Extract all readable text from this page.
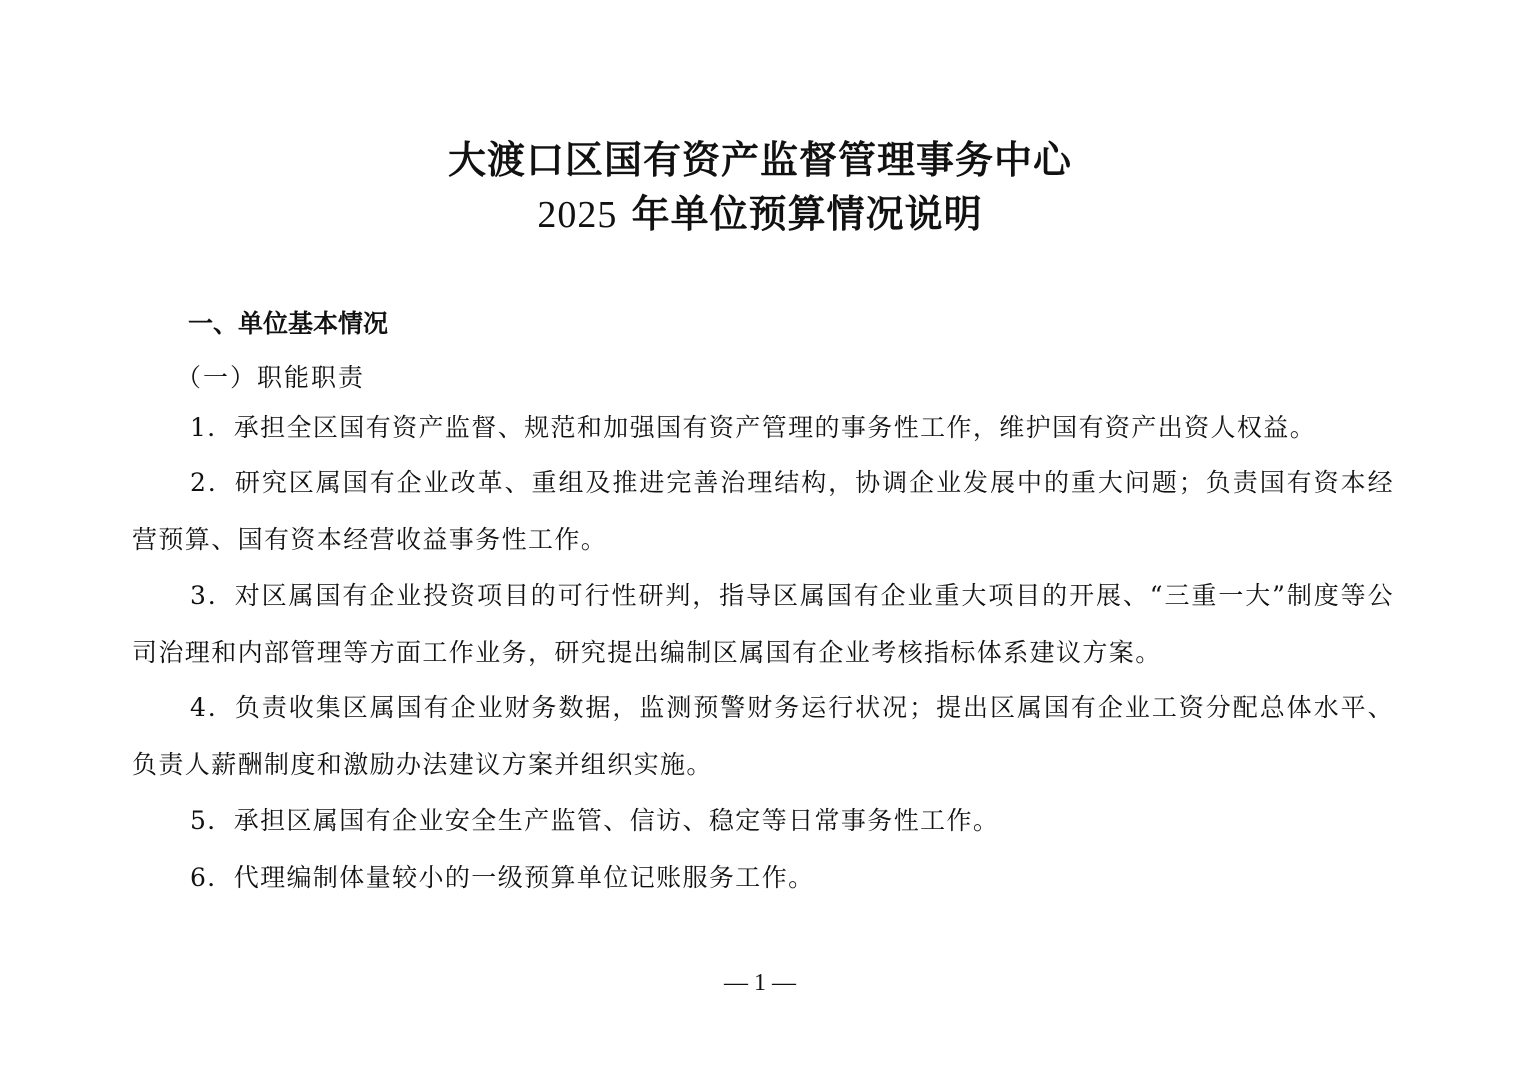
大渡口区国有资产监督管理事务中心
2025 年单位预算情况说明
一、单位基本情况
（一）职能职责
1．承担全区国有资产监督、规范和加强国有资产管理的事务性工作，维护国有资产出资人权益。
2．研究区属国有企业改革、重组及推进完善治理结构，协调企业发展中的重大问题；负责国有资本经营预算、国有资本经营收益事务性工作。
3．对区属国有企业投资项目的可行性研判，指导区属国有企业重大项目的开展、“三重一大”制度等公司治理和内部管理等方面工作业务，研究提出编制区属国有企业考核指标体系建议方案。
4．负责收集区属国有企业财务数据，监测预警财务运行状况；提出区属国有企业工资分配总体水平、负责人薪酬制度和激励办法建议方案并组织实施。
5．承担区属国有企业安全生产监管、信访、稳定等日常事务性工作。
6．代理编制体量较小的一级预算单位记账服务工作。
— 1 —
